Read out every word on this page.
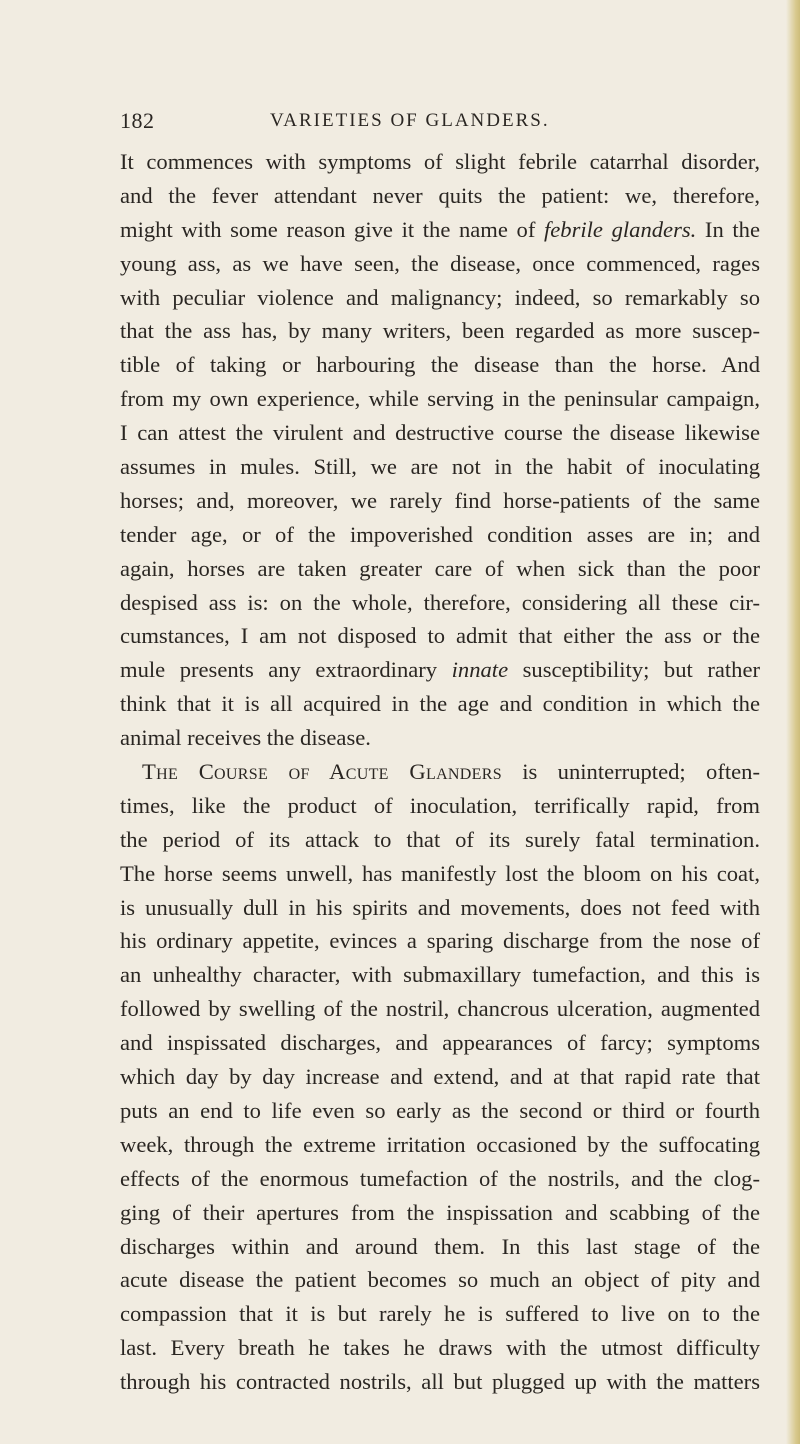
182	VARIETIES OF GLANDERS.
It commences with symptoms of slight febrile catarrhal disorder,
and the fever attendant never quits the patient: we, therefore,
might with some reason give it the name of febrile glanders. In the
young ass, as we have seen, the disease, once commenced, rages
with peculiar violence and malignancy; indeed, so remarkably so
that the ass has, by many writers, been regarded as more suscep-
tible of taking or harbouring the disease than the horse. And
from my own experience, while serving in the peninsular campaign,
I can attest the virulent and destructive course the disease likewise
assumes in mules. Still, we are not in the habit of inoculating
horses; and, moreover, we rarely find horse-patients of the same
tender age, or of the impoverished condition asses are in; and
again, horses are taken greater care of when sick than the poor
despised ass is: on the whole, therefore, considering all these cir-
cumstances, I am not disposed to admit that either the ass or the
mule presents any extraordinary innate susceptibility; but rather
think that it is all acquired in the age and condition in which the
animal receives the disease.
The Course of Acute Glanders is uninterrupted; often-
times, like the product of inoculation, terrifically rapid, from
the period of its attack to that of its surely fatal termination.
The horse seems unwell, has manifestly lost the bloom on his coat,
is unusually dull in his spirits and movements, does not feed with
his ordinary appetite, evinces a sparing discharge from the nose of
an unhealthy character, with submaxillary tumefaction, and this is
followed by swelling of the nostril, chancrous ulceration, augmented
and inspissated discharges, and appearances of farcy; symptoms
which day by day increase and extend, and at that rapid rate that
puts an end to life even so early as the second or third or fourth
week, through the extreme irritation occasioned by the suffocating
effects of the enormous tumefaction of the nostrils, and the clog-
ging of their apertures from the inspissation and scabbing of the
discharges within and around them. In this last stage of the
acute disease the patient becomes so much an object of pity and
compassion that it is but rarely he is suffered to live on to the
last. Every breath he takes he draws with the utmost difficulty
through his contracted nostrils, all but plugged up with the matters
